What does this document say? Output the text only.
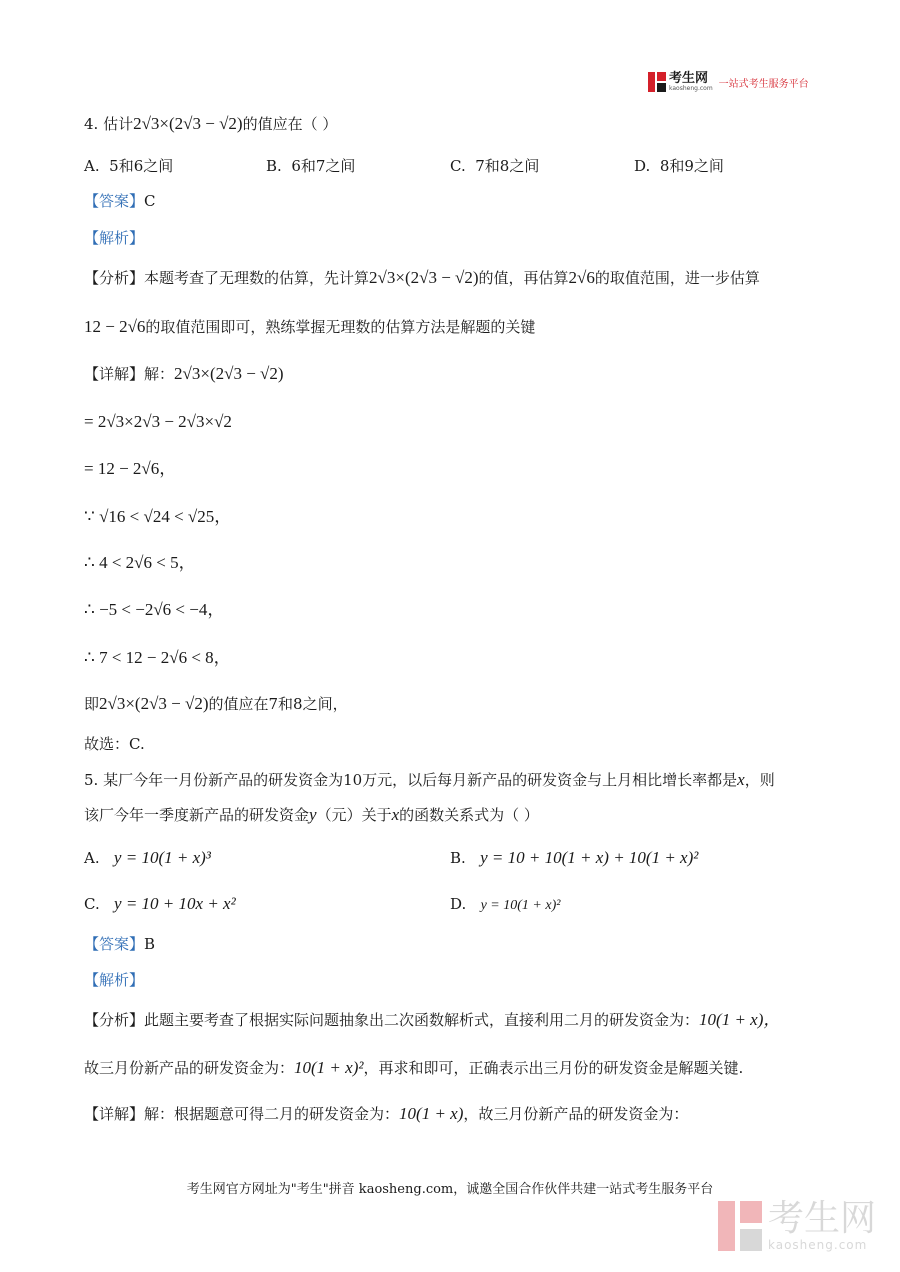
考生网
kaosheng.com 一站式考生服务平台
4. 估计2√3×(2√3 − √2)的值应在（ ）
A. 5和6之间	B. 6和7之间	C. 7和8之间	D. 8和9之间
【答案】C
【解析】
【分析】本题考查了无理数的估算，先计算2√3×(2√3 − √2)的值，再估算2√6的取值范围，进一步估算
12 − 2√6的取值范围即可，熟练掌握无理数的估算方法是解题的关键
【详解】解：2√3×(2√3 − √2)
= 2√3×2√3 − 2√3×√2
= 12 − 2√6，
∵ √16 < √24 < √25，
∴ 4 < 2√6 < 5，
∴ −5 < −2√6 < −4，
∴ 7 < 12 − 2√6 < 8，
即2√3×(2√3 − √2)的值应在7和8之间，
故选：C.
5. 某厂今年一月份新产品的研发资金为10万元，以后每月新产品的研发资金与上月相比增长率都是x，则
该厂今年一季度新产品的研发资金y（元）关于x的函数关系式为（ ）
A. y = 10(1 + x)³	B. y = 10 + 10(1 + x) + 10(1 + x)²
C. y = 10 + 10x + x²	D. y = 10(1 + x)²
【答案】B
【解析】
【分析】此题主要考查了根据实际问题抽象出二次函数解析式，直接利用二月的研发资金为：10(1 + x)，
故三月份新产品的研发资金为：10(1 + x)²，再求和即可，正确表示出三月份的研发资金是解题关键.
【详解】解：根据题意可得二月的研发资金为：10(1 + x)，故三月份新产品的研发资金为：
考生网官方网址为"考生"拼音 kaosheng.com，诚邀全国合作伙伴共建一站式考生服务平台
考生网
kaosheng.com
